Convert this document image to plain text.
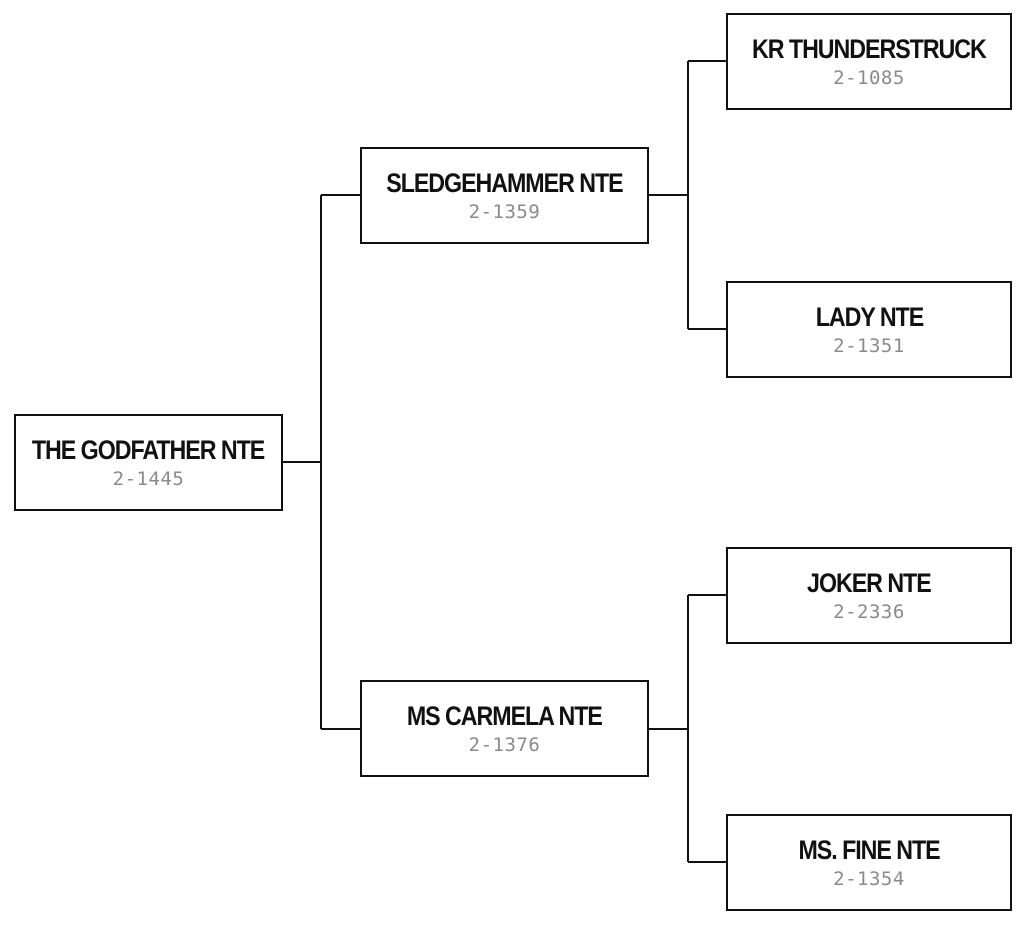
THE GODFATHER NTE
2-1445
SLEDGEHAMMER NTE
2-1359
MS CARMELA NTE
2-1376
KR THUNDERSTRUCK
2-1085
LADY NTE
2-1351
JOKER NTE
2-2336
MS. FINE NTE
2-1354
